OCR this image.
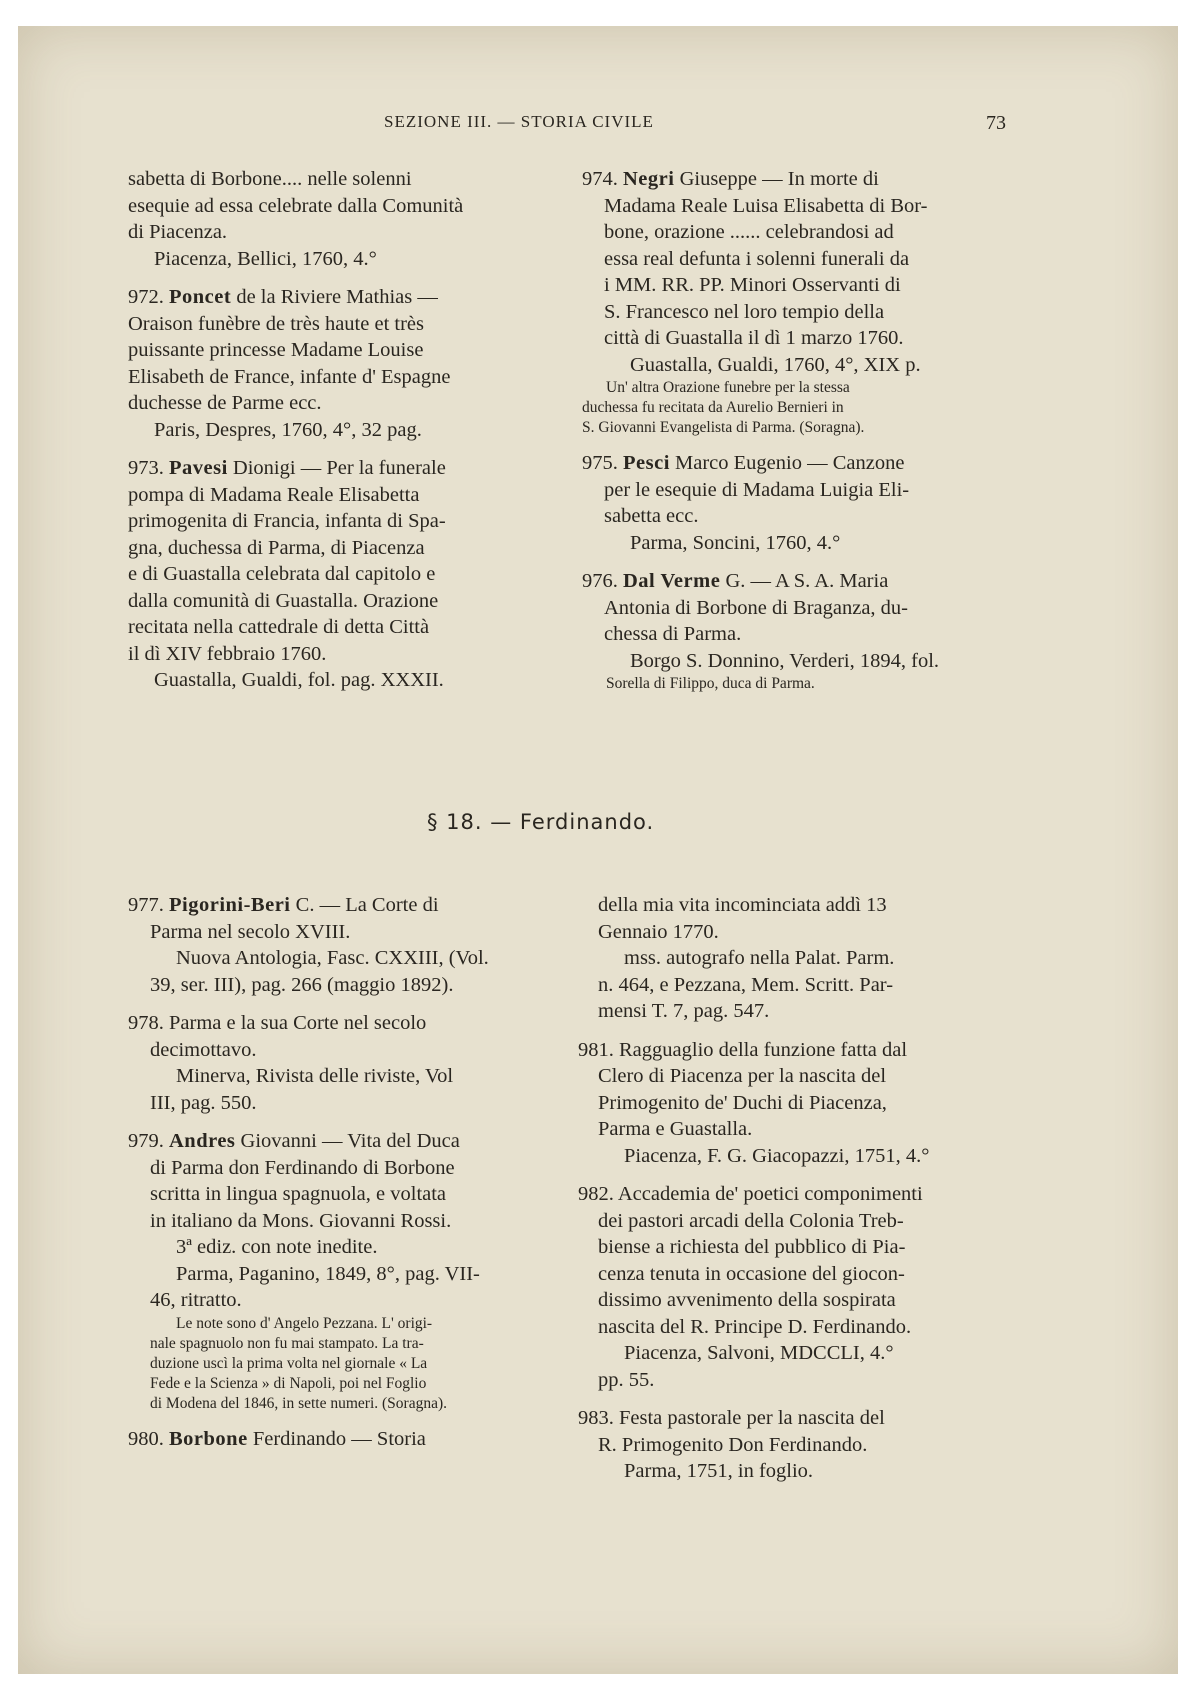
SEZIONE III. — STORIA CIVILE	73

sabetta di Borbone.... nelle solenni

esequie ad essa celebrate dalla Comunità

di Piacenza.

Piacenza, Bellici, 1760, 4.°

972. Poncet de la Riviere Mathias —

Oraison funèbre de très haute et très

puissante princesse Madame Louise

Elisabeth de France, infante d' Espagne

duchesse de Parme ecc.

Paris, Despres, 1760, 4°, 32 pag.

973. Pavesi Dionigi — Per la funerale

pompa di Madama Reale Elisabetta

primogenita di Francia, infanta di Spa-

gna, duchessa di Parma, di Piacenza

e di Guastalla celebrata dal capitolo e

dalla comunità di Guastalla. Orazione

recitata nella cattedrale di detta Città

il dì XIV febbraio 1760.

Guastalla, Gualdi, fol. pag. XXXII.

974. Negri Giuseppe — In morte di

Madama Reale Luisa Elisabetta di Bor-

bone, orazione ...... celebrandosi ad

essa real defunta i solenni funerali da

i MM. RR. PP. Minori Osservanti di

S. Francesco nel loro tempio della

città di Guastalla il dì 1 marzo 1760.

Guastalla, Gualdi, 1760, 4°, XIX p.

Un' altra Orazione funebre per la stessa

duchessa fu recitata da Aurelio Bernieri in

S. Giovanni Evangelista di Parma. (Soragna).

975. Pesci Marco Eugenio — Canzone

per le esequie di Madama Luigia Eli-

sabetta ecc.

Parma, Soncini, 1760, 4.°

976. Dal Verme G. — A S. A. Maria

Antonia di Borbone di Braganza, du-

chessa di Parma.

Borgo S. Donnino, Verderi, 1894, fol.

Sorella di Filippo, duca di Parma.

§ 18. — Ferdinando.

977. Pigorini-Beri C. — La Corte di

Parma nel secolo XVIII.

Nuova Antologia, Fasc. CXXIII, (Vol.

39, ser. III), pag. 266 (maggio 1892).

978. Parma e la sua Corte nel secolo

decimottavo.

Minerva, Rivista delle riviste, Vol

III, pag. 550.

979. Andres Giovanni — Vita del Duca

di Parma don Ferdinando di Borbone

scritta in lingua spagnuola, e voltata

in italiano da Mons. Giovanni Rossi.

3ª ediz. con note inedite.

Parma, Paganino, 1849, 8°, pag. VII-

46, ritratto.

Le note sono d' Angelo Pezzana. L' origi-

nale spagnuolo non fu mai stampato. La tra-

duzione uscì la prima volta nel giornale « La

Fede e la Scienza » di Napoli, poi nel Foglio

di Modena del 1846, in sette numeri. (Soragna).

980. Borbone Ferdinando — Storia

della mia vita incominciata addì 13

Gennaio 1770.

mss. autografo nella Palat. Parm.

n. 464, e Pezzana, Mem. Scritt. Par-

mensi T. 7, pag. 547.

981. Ragguaglio della funzione fatta dal

Clero di Piacenza per la nascita del

Primogenito de' Duchi di Piacenza,

Parma e Guastalla.

Piacenza, F. G. Giacopazzi, 1751, 4.°

982. Accademia de' poetici componimenti

dei pastori arcadi della Colonia Treb-

biense a richiesta del pubblico di Pia-

cenza tenuta in occasione del giocon-

dissimo avvenimento della sospirata

nascita del R. Principe D. Ferdinando.

Piacenza, Salvoni, MDCCLI, 4.°

pp. 55.

983. Festa pastorale per la nascita del

R. Primogenito Don Ferdinando.

Parma, 1751, in foglio.
